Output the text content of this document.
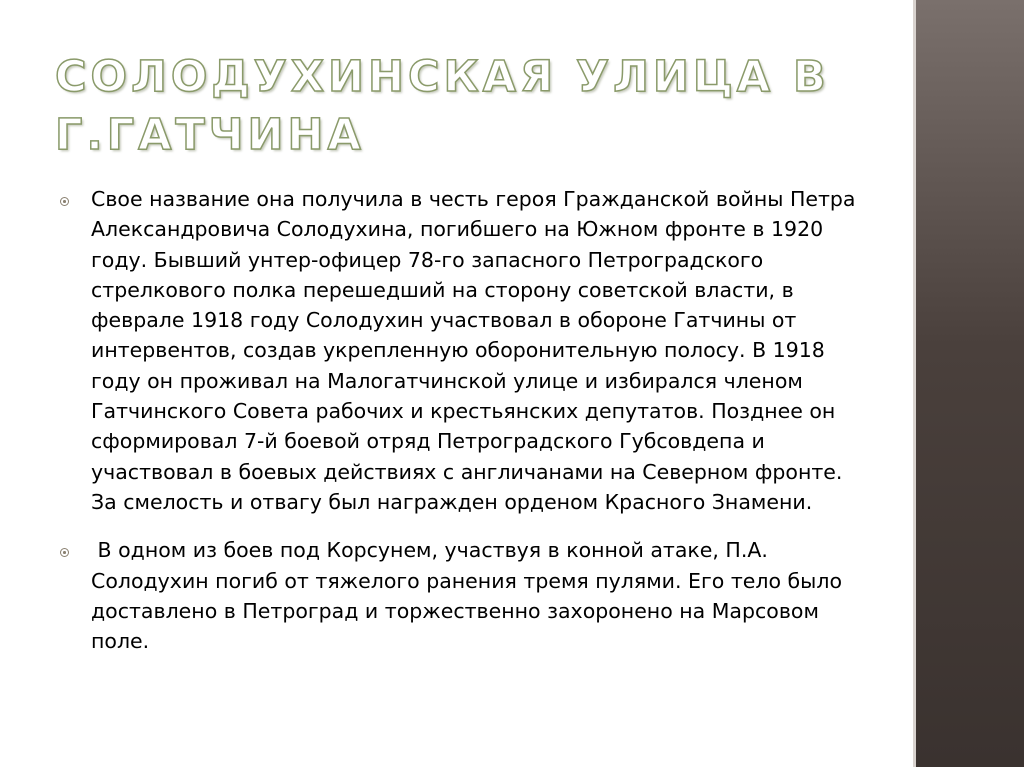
СОЛОДУХИНСКАЯ УЛИЦА В Г.ГАТЧИНА
Свое название она получила в честь героя Гражданской войны Петра Александровича Солодухина, погибшего на Южном фронте в 1920 году. Бывший унтер-офицер 78-го запасного Петроградского стрелкового полка перешедший на сторону советской власти, в феврале 1918 году Солодухин участвовал в обороне Гатчины от интервентов, создав укрепленную оборонительную полосу. В 1918 году он проживал на Малогатчинской улице и избирался членом Гатчинского Совета рабочих и крестьянских депутатов. Позднее он сформировал 7-й боевой отряд Петроградского Губсовдепа и участвовал в боевых действиях с англичанами на Северном фронте. За смелость и отвагу был награжден орденом Красного Знамени.
В одном из боев под Корсунем, участвуя в конной атаке, П.А. Солодухин погиб от тяжелого ранения тремя пулями. Его тело было доставлено в Петроград и торжественно захоронено на Марсовом поле.
